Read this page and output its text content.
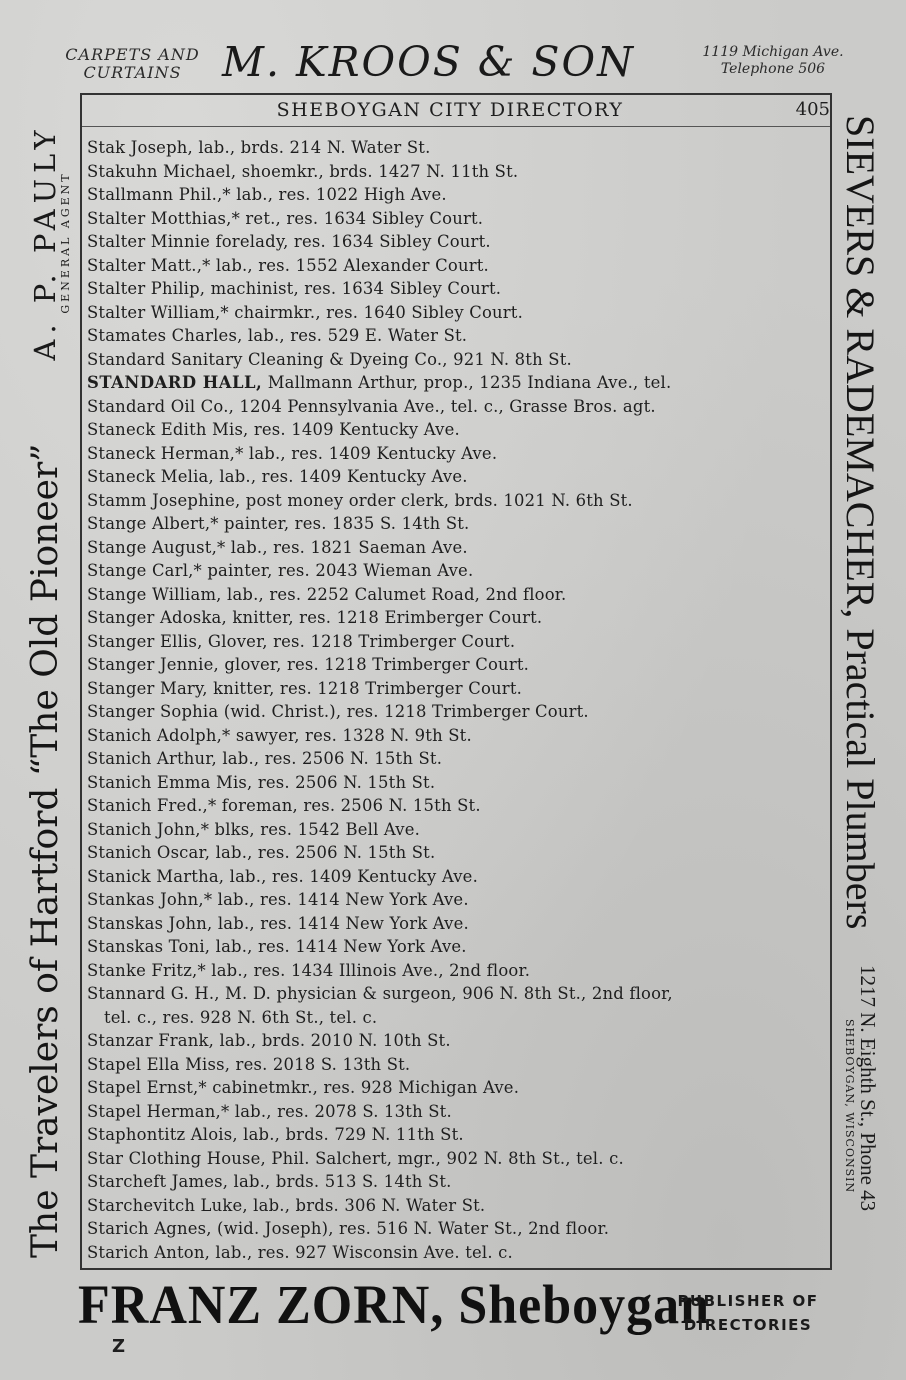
CARPETS AND CURTAINS M. KROOS & SON	1119 Michigan Ave.
Telephone 506
SHEBOYGAN CITY DIRECTORY	405
The Travelers of Hartford “The Old Pioneer”
A. P. PAULY
GENERAL AGENT	SIEVERS & RADEMACHER, Practical Plumbers
1217 N. Eighth St., Phone 43
SHEBOYGAN, WISCONSIN
Stak Joseph, lab., brds. 214 N. Water St.
Stakuhn Michael, shoemkr., brds. 1427 N. 11th St.
Stallmann Phil.,* lab., res. 1022 High Ave.
Stalter Motthias,* ret., res. 1634 Sibley Court.
Stalter Minnie forelady, res. 1634 Sibley Court.
Stalter Matt.,* lab., res. 1552 Alexander Court.
Stalter Philip, machinist, res. 1634 Sibley Court.
Stalter William,* chairmkr., res. 1640 Sibley Court.
Stamates Charles, lab., res. 529 E. Water St.
Standard Sanitary Cleaning & Dyeing Co., 921 N. 8th St.
STANDARD HALL, Mallmann Arthur, prop., 1235 Indiana Ave., tel.
Standard Oil Co., 1204 Pennsylvania Ave., tel. c., Grasse Bros. agt.
Staneck Edith Mis, res. 1409 Kentucky Ave.
Staneck Herman,* lab., res. 1409 Kentucky Ave.
Staneck Melia, lab., res. 1409 Kentucky Ave.
Stamm Josephine, post money order clerk, brds. 1021 N. 6th St.
Stange Albert,* painter, res. 1835 S. 14th St.
Stange August,* lab., res. 1821 Saeman Ave.
Stange Carl,* painter, res. 2043 Wieman Ave.
Stange William, lab., res. 2252 Calumet Road, 2nd floor.
Stanger Adoska, knitter, res. 1218 Erimberger Court.
Stanger Ellis, Glover, res. 1218 Trimberger Court.
Stanger Jennie, glover, res. 1218 Trimberger Court.
Stanger Mary, knitter, res. 1218 Trimberger Court.
Stanger Sophia (wid. Christ.), res. 1218 Trimberger Court.
Stanich Adolph,* sawyer, res. 1328 N. 9th St.
Stanich Arthur, lab., res. 2506 N. 15th St.
Stanich Emma Mis, res. 2506 N. 15th St.
Stanich Fred.,* foreman, res. 2506 N. 15th St.
Stanich John,* blks, res. 1542 Bell Ave.
Stanich Oscar, lab., res. 2506 N. 15th St.
Stanick Martha, lab., res. 1409 Kentucky Ave.
Stankas John,* lab., res. 1414 New York Ave.
Stanskas John, lab., res. 1414 New York Ave.
Stanskas Toni, lab., res. 1414 New York Ave.
Stanke Fritz,* lab., res. 1434 Illinois Ave., 2nd floor.
Stannard G. H., M. D. physician & surgeon, 906 N. 8th St., 2nd floor,
tel. c., res. 928 N. 6th St., tel. c.
Stanzar Frank, lab., brds. 2010 N. 10th St.
Stapel Ella Miss, res. 2018 S. 13th St.
Stapel Ernst,* cabinetmkr., res. 928 Michigan Ave.
Stapel Herman,* lab., res. 2078 S. 13th St.
Staphontitz Alois, lab., brds. 729 N. 11th St.
Star Clothing House, Phil. Salchert, mgr., 902 N. 8th St., tel. c.
Starcheft James, lab., brds. 513 S. 14th St.
Starchevitch Luke, lab., brds. 306 N. Water St.
Starich Agnes, (wid. Joseph), res. 516 N. Water St., 2nd floor.
Starich Anton, lab., res. 927 Wisconsin Ave. tel. c.
FRANZ ZORN, Sheboygan
PUBLISHER OF
DIRECTORIES
Z
